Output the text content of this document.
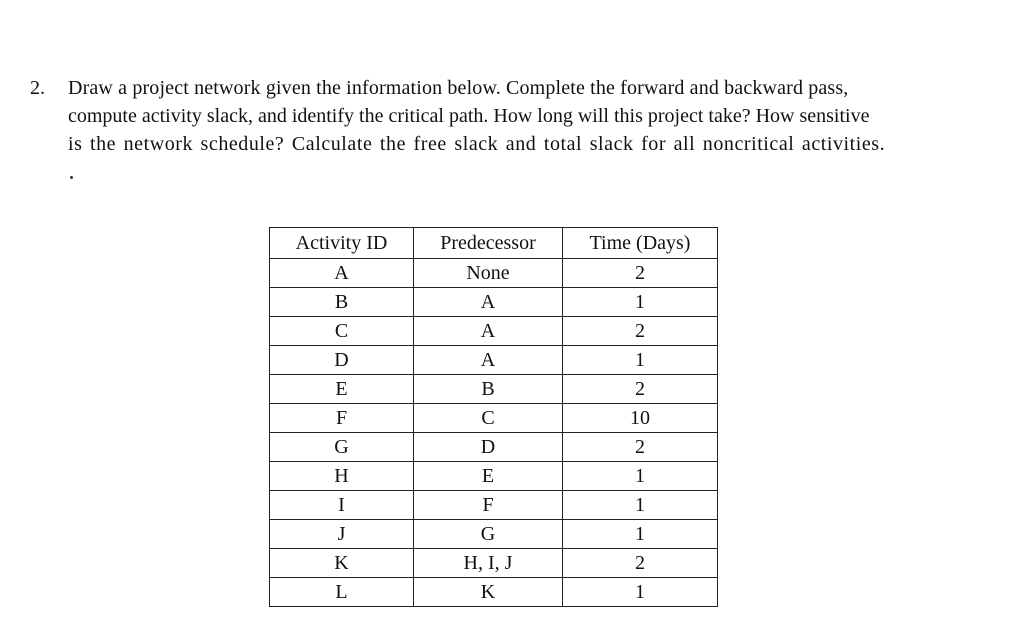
2. Draw a project network given the information below. Complete the forward and backward pass,
compute activity slack, and identify the critical path. How long will this project take? How sensitive
is the network schedule? Calculate the free slack and total slack for all noncritical activities.
Activity ID	Predecessor	Time (Days)
A	None	2
B	A	1
C	A	2
D	A	1
E	B	2
F	C	10
G	D	2
H	E	1
I	F	1
J	G	1
K	H, I, J	2
L	K	1
